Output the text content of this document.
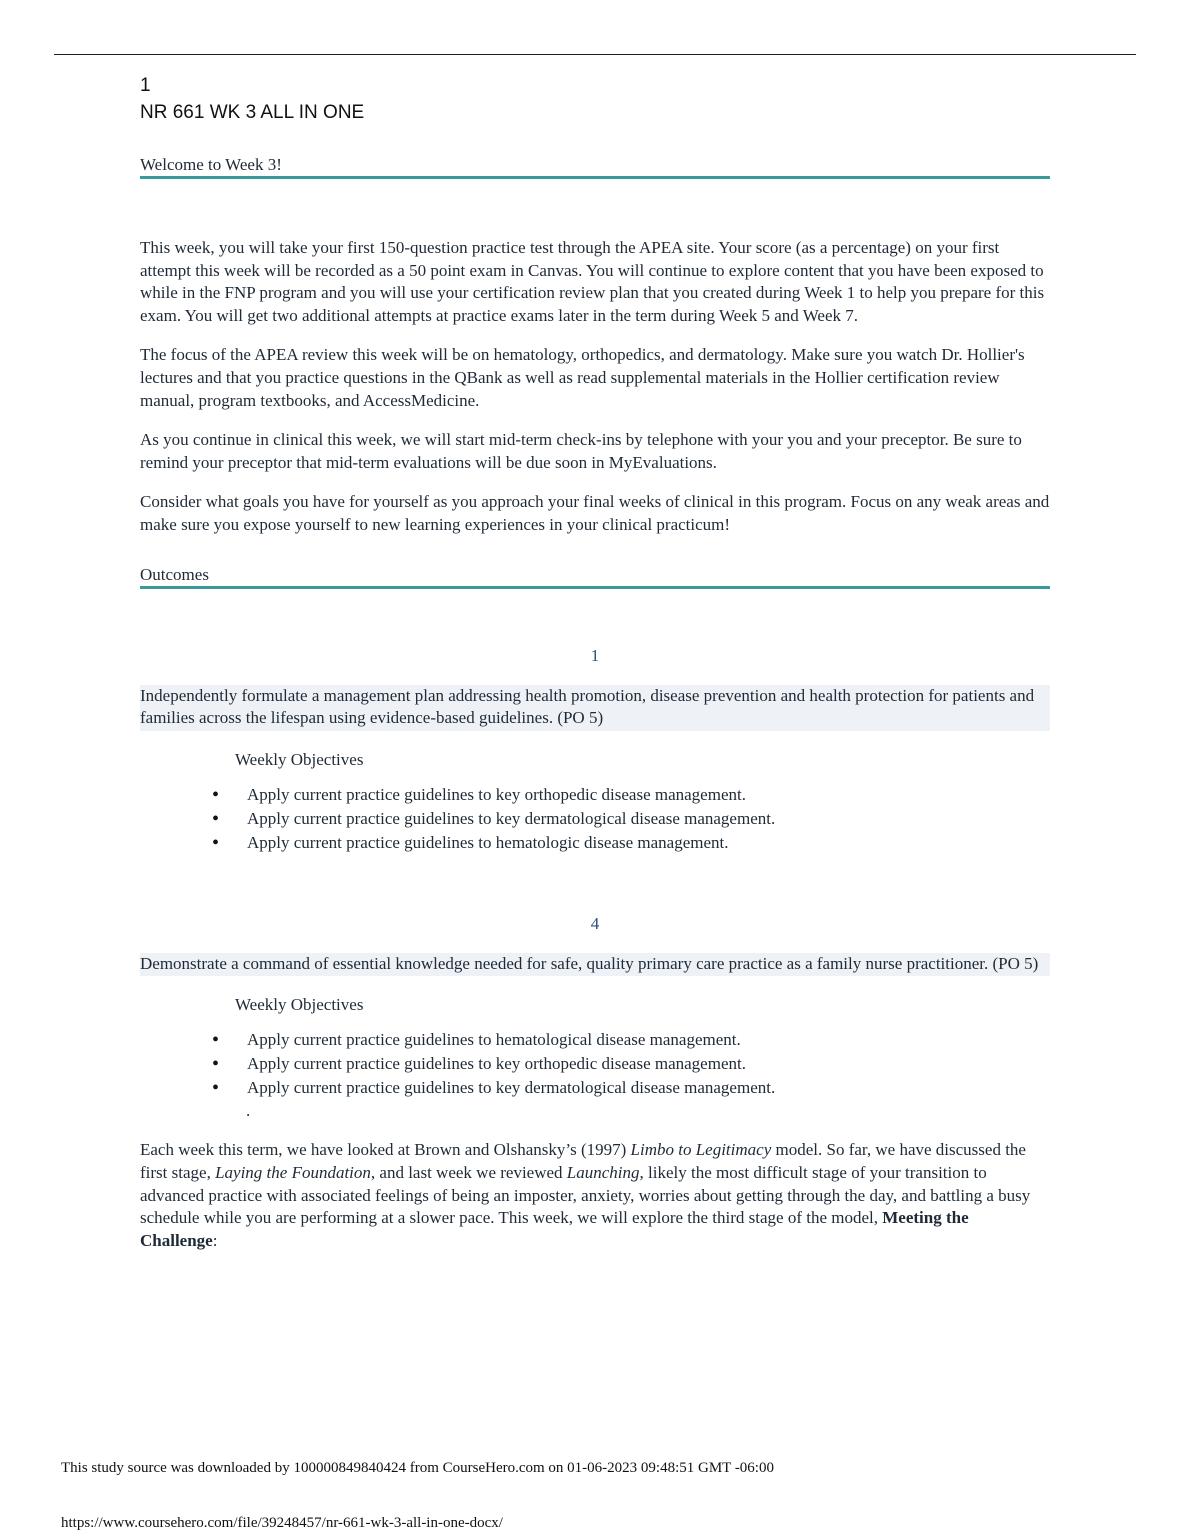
1
NR 661 WK 3 ALL IN ONE
Welcome to Week 3!

This week, you will take your first 150-question practice test through the APEA site. Your score (as a percentage) on your first attempt this week will be recorded as a 50 point exam in Canvas. You will continue to explore content that you have been exposed to while in the FNP program and you will use your certification review plan that you created during Week 1 to help you prepare for this exam. You will get two additional attempts at practice exams later in the term during Week 5 and Week 7.

The focus of the APEA review this week will be on hematology, orthopedics, and dermatology. Make sure you watch Dr. Hollier's lectures and that you practice questions in the QBank as well as read supplemental materials in the Hollier certification review manual, program textbooks, and AccessMedicine.

As you continue in clinical this week, we will start mid-term check-ins by telephone with your you and your preceptor. Be sure to remind your preceptor that mid-term evaluations will be due soon in MyEvaluations.

Consider what goals you have for yourself as you approach your final weeks of clinical in this program. Focus on any weak areas and make sure you expose yourself to new learning experiences in your clinical practicum!

Outcomes
1
Independently formulate a management plan addressing health promotion, disease prevention and health protection for patients and families across the lifespan using evidence-based guidelines. (PO 5)
Weekly Objectives
• Apply current practice guidelines to key orthopedic disease management.
• Apply current practice guidelines to key dermatological disease management.
• Apply current practice guidelines to hematologic disease management.
4
Demonstrate a command of essential knowledge needed for safe, quality primary care practice as a family nurse practitioner. (PO 5)
Weekly Objectives
• Apply current practice guidelines to hematological disease management.
• Apply current practice guidelines to key orthopedic disease management.
• Apply current practice guidelines to key dermatological disease management.
.

Each week this term, we have looked at Brown and Olshansky’s (1997) Limbo to Legitimacy model. So far, we have discussed the first stage, Laying the Foundation, and last week we reviewed Launching, likely the most difficult stage of your transition to advanced practice with associated feelings of being an imposter, anxiety, worries about getting through the day, and battling a busy schedule while you are performing at a slower pace. This week, we will explore the third stage of the model, Meeting the Challenge:

This study source was downloaded by 100000849840424 from CourseHero.com on 01-06-2023 09:48:51 GMT -06:00
https://www.coursehero.com/file/39248457/nr-661-wk-3-all-in-one-docx/
